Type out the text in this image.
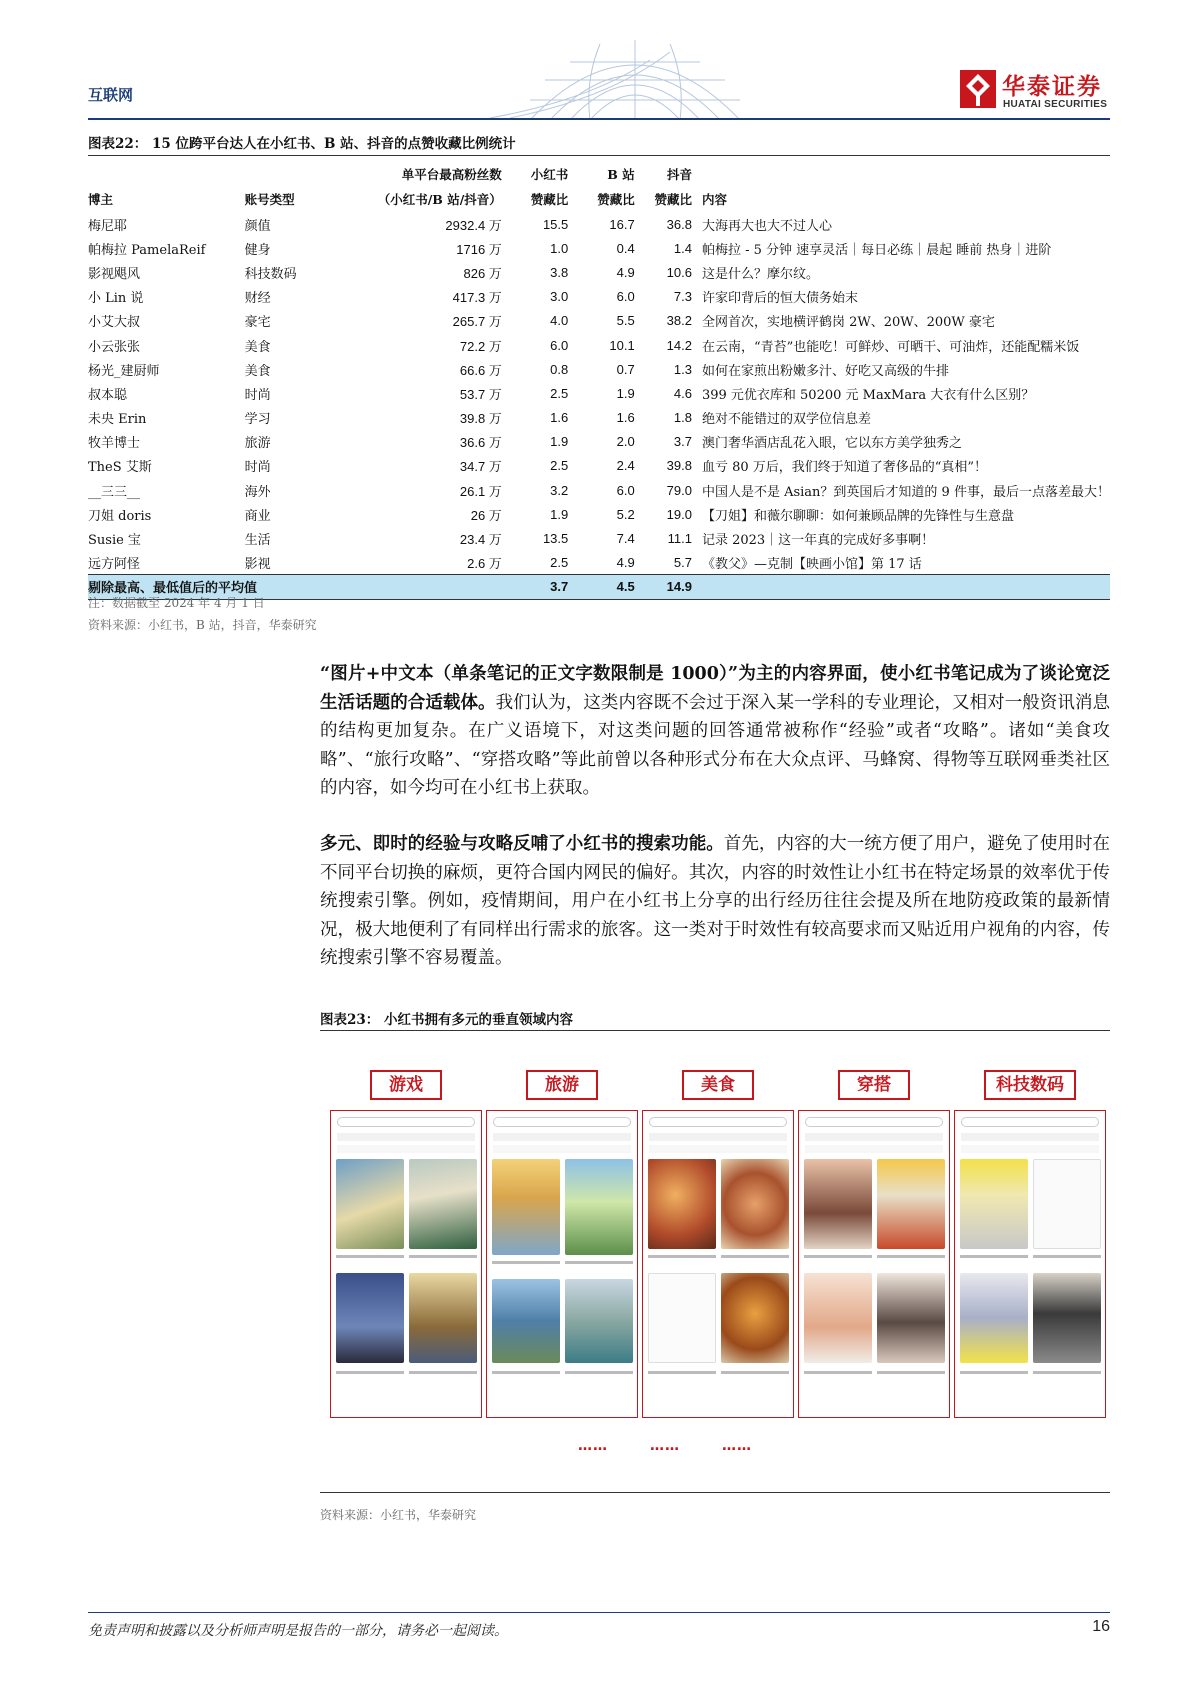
互联网	华泰证券
HUATAI SECURITIES
图表22： 15 位跨平台达人在小红书、B 站、抖音的点赞收藏比例统计
		单平台最高粉丝数	小红书	B 站	抖音	
博主	账号类型	（小红书/B 站/抖音）	赞藏比	赞藏比	赞藏比	内容
梅尼耶	颜值	2932.4 万	15.5	16.7	36.8	大海再大也大不过人心
帕梅拉 PamelaReif	健身	1716 万	1.0	0.4	1.4	帕梅拉 - 5 分钟 速享灵活｜每日必练｜晨起 睡前 热身｜进阶
影视飓风	科技数码	826 万	3.8	4.9	10.6	这是什么？摩尔纹。
小 Lin 说	财经	417.3 万	3.0	6.0	7.3	许家印背后的恒大债务始末
小艾大叔	豪宅	265.7 万	4.0	5.5	38.2	全网首次，实地横评鹤岗 2W、20W、200W 豪宅
小云张张	美食	72.2 万	6.0	10.1	14.2	在云南，“青苔”也能吃！可鲜炒、可晒干、可油炸，还能配糯米饭
杨光_建厨师	美食	66.6 万	0.8	0.7	1.3	如何在家煎出粉嫩多汁、好吃又高级的牛排
叔本聪	时尚	53.7 万	2.5	1.9	4.6	399 元优衣库和 50200 元 MaxMara 大衣有什么区别？
未央 Erin	学习	39.8 万	1.6	1.6	1.8	绝对不能错过的双学位信息差
牧羊博士	旅游	36.6 万	1.9	2.0	3.7	澳门奢华酒店乱花入眼，它以东方美学独秀之
TheS 艾斯	时尚	34.7 万	2.5	2.4	39.8	血亏 80 万后，我们终于知道了奢侈品的“真相”！
__三三__	海外	26.1 万	3.2	6.0	79.0	中国人是不是 Asian？到英国后才知道的 9 件事，最后一点落差最大！
刀姐 doris	商业	26 万	1.9	5.2	19.0	【刀姐】和薇尔聊聊：如何兼顾品牌的先锋性与生意盘
Susie 宝	生活	23.4 万	13.5	7.4	11.1	记录 2023｜这一年真的完成好多事啊！
远方阿怪	影视	2.6 万	2.5	4.9	5.7	《教父》—克制【映画小馆】第 17 话
剔除最高、最低值后的平均值			3.7	4.5	14.9	
注：数据截至 2024 年 4 月 1 日
资料来源：小红书，B 站，抖音，华泰研究
“图片+中文本（单条笔记的正文字数限制是 1000）”为主的内容界面，使小红书笔记成为了谈论宽泛生活话题的合适载体。我们认为，这类内容既不会过于深入某一学科的专业理论，又相对一般资讯消息的结构更加复杂。在广义语境下，对这类问题的回答通常被称作“经验”或者“攻略”。诸如“美食攻略”、“旅行攻略”、“穿搭攻略”等此前曾以各种形式分布在大众点评、马蜂窝、得物等互联网垂类社区的内容，如今均可在小红书上获取。
多元、即时的经验与攻略反哺了小红书的搜索功能。首先，内容的大一统方便了用户，避免了使用时在不同平台切换的麻烦，更符合国内网民的偏好。其次，内容的时效性让小红书在特定场景的效率优于传统搜索引擎。例如，疫情期间，用户在小红书上分享的出行经历往往会提及所在地防疫政策的最新情况，极大地便利了有同样出行需求的旅客。这一类对于时效性有较高要求而又贴近用户视角的内容，传统搜索引擎不容易覆盖。
图表23： 小红书拥有多元的垂直领域内容
游戏	旅游	美食	穿搭	科技数码
……	……	……
资料来源：小红书，华泰研究
免责声明和披露以及分析师声明是报告的一部分，请务必一起阅读。	16
